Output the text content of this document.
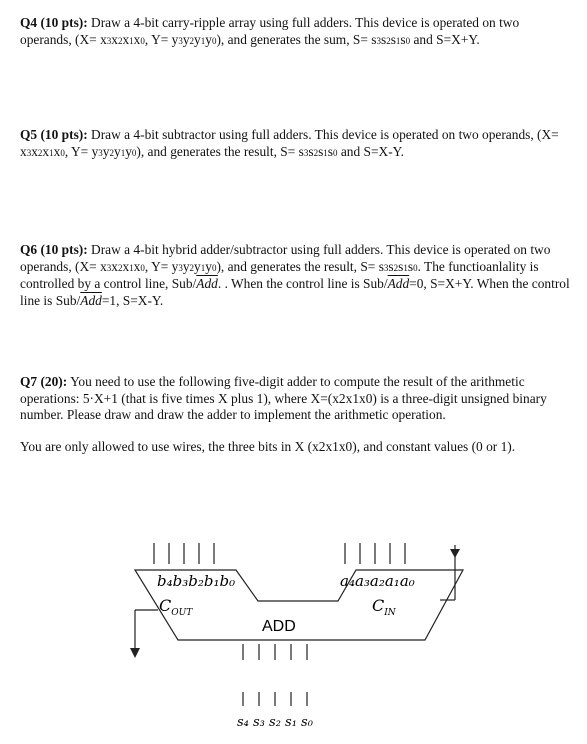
Q4 (10 pts): Draw a 4-bit carry-ripple array using full adders. This device is operated on two operands, (X= x3x2x1x0, Y= y3y2y1y0), and generates the sum, S= s3s2s1s0 and S=X+Y.
Q5 (10 pts): Draw a 4-bit subtractor using full adders. This device is operated on two operands, (X= x3x2x1x0, Y= y3y2y1y0), and generates the result, S= s3s2s1s0 and S=X-Y.
Q6 (10 pts): Draw a 4-bit hybrid adder/subtractor using full adders. This device is operated on two operands, (X= x3x2x1x0, Y= y3y2y1y0), and generates the result, S= s3s2s1s0. The functioanlality is controlled by a control line, Sub/$\overline{Add}$. . When the control line is Sub/$\overline{Add}=0$, S=X+Y. When the control line is Sub/$\overline{Add}=1$, S=X-Y.
Q7 (20): You need to use the following five-digit adder to compute the result of the arithmetic operations: 5·X+1 (that is five times X plus 1), where X=(x2x1x0) is a three-digit unsigned binary number. Please draw and draw the adder to implement the arithmetic operation.
You are only allowed to use wires, the three bits in X (x2x1x0), and constant values (0 or 1).
b₄b₃b₂b₁b₀	a₄a₃a₂a₁a₀
$C_{OUT}$	$C_{IN}$
ADD
s₄ s₃ s₂ s₁ s₀
